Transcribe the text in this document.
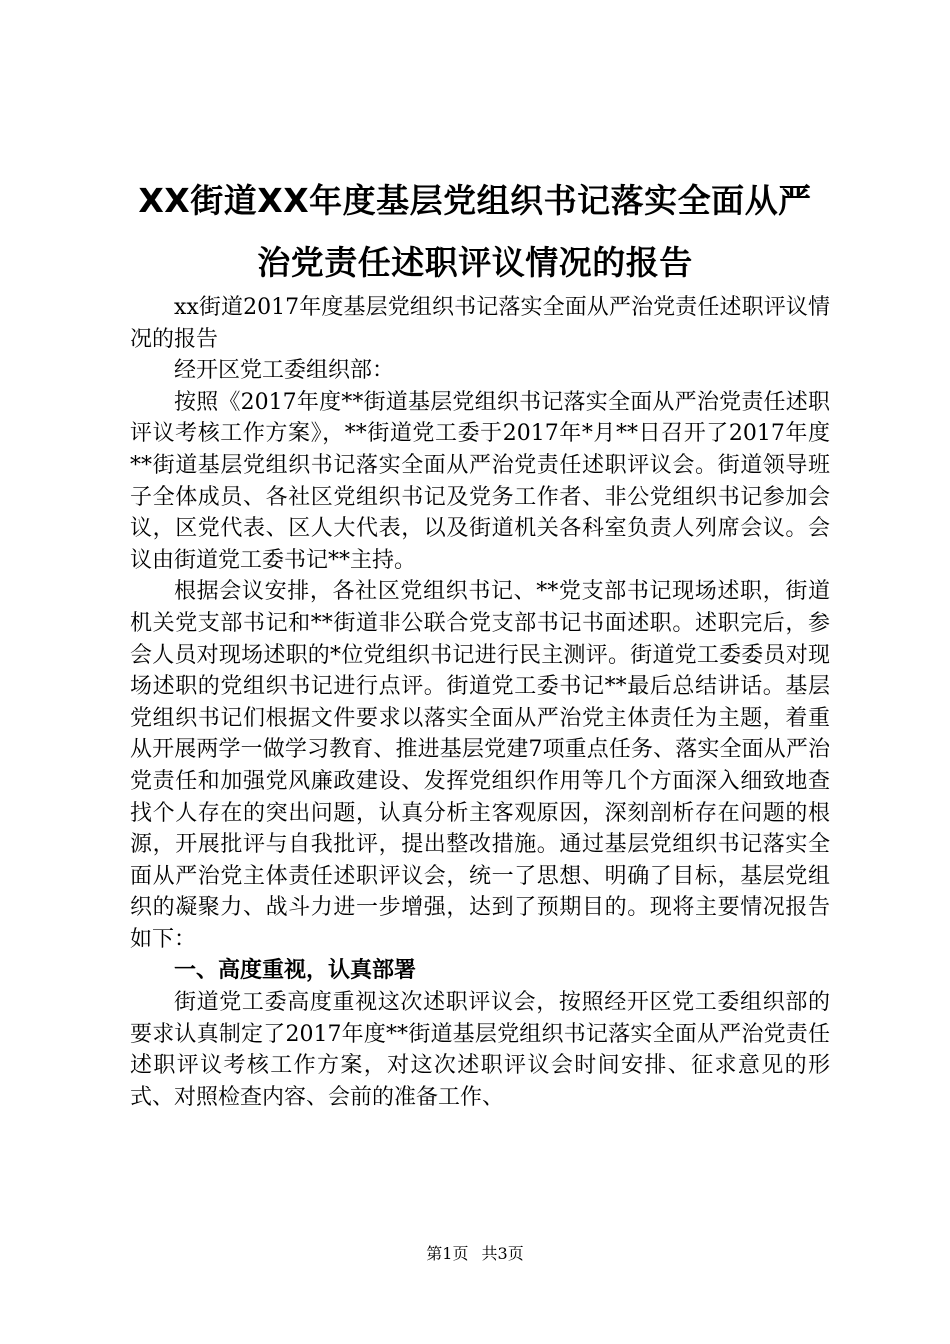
XX街道XX年度基层党组织书记落实全面从严
治党责任述职评议情况的报告

xx街道2017年度基层党组织书记落实全面从严治党责任述职评议情况的报告

经开区党工委组织部：

按照《2017年度**街道基层党组织书记落实全面从严治党责任述职评议考核工作方案》，**街道党工委于2017年*月**日召开了2017年度**街道基层党组织书记落实全面从严治党责任述职评议会。街道领导班子全体成员、各社区党组织书记及党务工作者、非公党组织书记参加会议，区党代表、区人大代表，以及街道机关各科室负责人列席会议。会议由街道党工委书记**主持。

根据会议安排，各社区党组织书记、**党支部书记现场述职，街道机关党支部书记和**街道非公联合党支部书记书面述职。述职完后，参会人员对现场述职的*位党组织书记进行民主测评。街道党工委委员对现场述职的党组织书记进行点评。街道党工委书记**最后总结讲话。基层党组织书记们根据文件要求以落实全面从严治党主体责任为主题，着重从开展两学一做学习教育、推进基层党建7项重点任务、落实全面从严治党责任和加强党风廉政建设、发挥党组织作用等几个方面深入细致地查找个人存在的突出问题，认真分析主客观原因，深刻剖析存在问题的根源，开展批评与自我批评，提出整改措施。通过基层党组织书记落实全面从严治党主体责任述职评议会，统一了思想、明确了目标，基层党组织的凝聚力、战斗力进一步增强，达到了预期目的。现将主要情况报告如下：

一、高度重视，认真部署

街道党工委高度重视这次述职评议会，按照经开区党工委组织部的要求认真制定了2017年度**街道基层党组织书记落实全面从严治党责任述职评议考核工作方案，对这次述职评议会时间安排、征求意见的形式、对照检查内容、会前的准备工作、

第1页 共3页
